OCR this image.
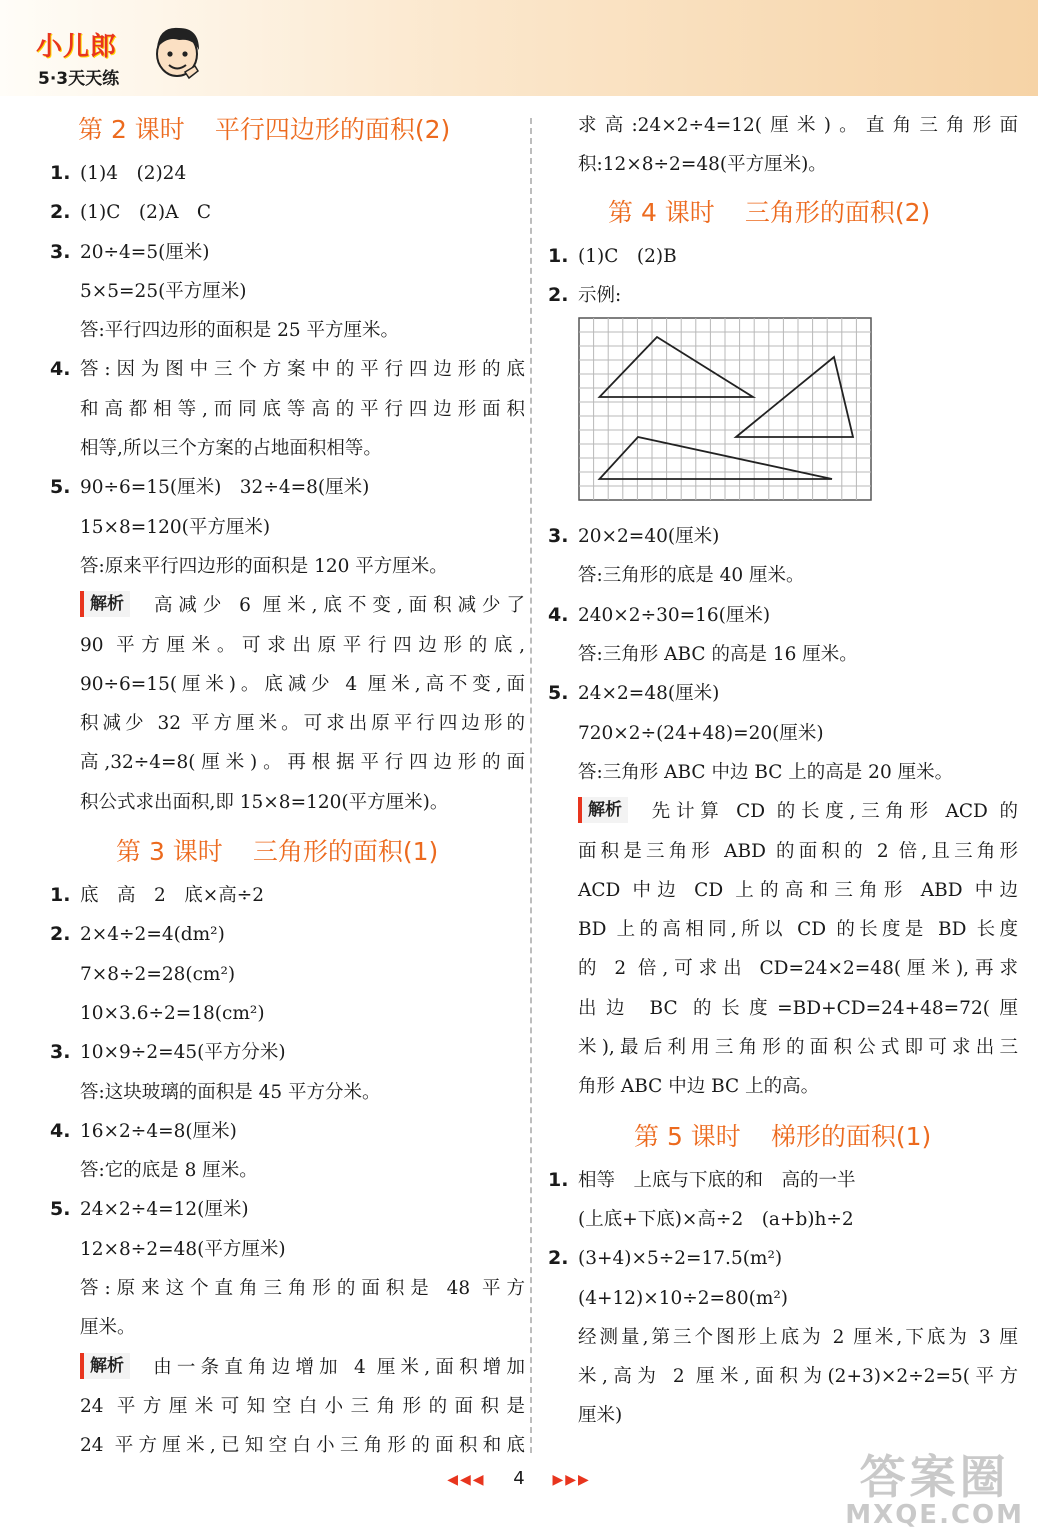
小儿郎
5·3天天练
第 2 课时 平行四边形的面积(2)
1. (1)4　(2)24
2. (1)C　(2)A　C
3. 20÷4=5(厘米)
5×5=25(平方厘米)
答:平行四边形的面积是 25 平方厘米。
4. 答:因为图中三个方案中的平行四边形的底
和高都相等,而同底等高的平行四边形面积
相等,所以三个方案的占地面积相等。
5. 90÷6=15(厘米)　32÷4=8(厘米)
15×8=120(平方厘米)
答:原来平行四边形的面积是 120 平方厘米。
解析 高减少 6 厘米,底不变,面积减少了
90 平方厘米。可求出原平行四边形的底,
90÷6=15(厘米)。底减少 4 厘米,高不变,面
积减少 32 平方厘米。可求出原平行四边形的
高,32÷4=8(厘米)。再根据平行四边形的面
积公式求出面积,即 15×8=120(平方厘米)。
第 3 课时 三角形的面积(1)
1. 底　高　2　底×高÷2
2. 2×4÷2=4(dm²)
7×8÷2=28(cm²)
10×3.6÷2=18(cm²)
3. 10×9÷2=45(平方分米)
答:这块玻璃的面积是 45 平方分米。
4. 16×2÷4=8(厘米)
答:它的底是 8 厘米。
5. 24×2÷4=12(厘米)
12×8÷2=48(平方厘米)
答:原来这个直角三角形的面积是 48 平方
厘米。
解析 由一条直角边增加 4 厘米,面积增加
24 平方厘米可知空白小三角形的面积是
24 平方厘米,已知空白小三角形的面积和底
求高:24×2÷4=12(厘米)。直角三角形面
积:12×8÷2=48(平方厘米)。
第 4 课时 三角形的面积(2)
1. (1)C　(2)B
2. 示例:
3. 20×2=40(厘米)
答:三角形的底是 40 厘米。
4. 240×2÷30=16(厘米)
答:三角形 ABC 的高是 16 厘米。
5. 24×2=48(厘米)
720×2÷(24+48)=20(厘米)
答:三角形 ABC 中边 BC 上的高是 20 厘米。
解析 先计算 CD 的长度,三角形 ACD 的
面积是三角形 ABD 的面积的 2 倍,且三角形
ACD 中边 CD 上的高和三角形 ABD 中边
BD 上的高相同,所以 CD 的长度是 BD 长度
的 2 倍,可求出 CD=24×2=48(厘米),再求
出边 BC 的长度=BD+CD=24+48=72(厘
米),最后利用三角形的面积公式即可求出三
角形 ABC 中边 BC 上的高。
第 5 课时 梯形的面积(1)
1. 相等　上底与下底的和　高的一半
(上底+下底)×高÷2　(a+b)h÷2
2. (3+4)×5÷2=17.5(m²)
(4+12)×10÷2=80(m²)
经测量,第三个图形上底为 2 厘米,下底为 3 厘
米,高为 2 厘米,面积为(2+3)×2÷2=5(平方
厘米)
◀◀◀ 4 ▶▶▶	答案圈
MXQE.COM
